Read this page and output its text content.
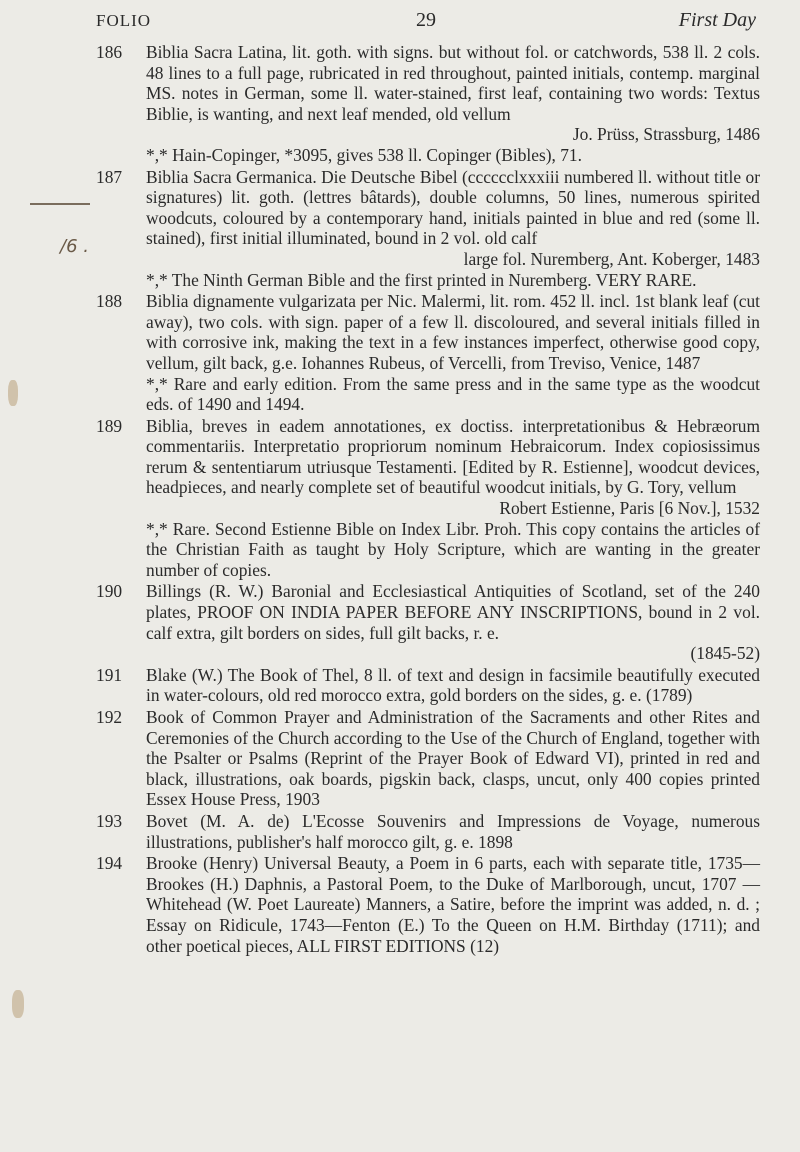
FOLIO	29	First Day
/6 .
186 Biblia Sacra Latina, lit. goth. with signs. but without fol. or catchwords, 538 ll. 2 cols. 48 lines to a full page, rubricated in red throughout, painted initials, contemp. marginal MS. notes in German, some ll. water-stained, first leaf, containing two words: Textus Biblie, is wanting, and next leaf mended, old vellum
Jo. Prüss, Strassburg, 1486
*,* Hain-Copinger, *3095, gives 538 ll. Copinger (Bibles), 71.

187 Biblia Sacra Germanica. Die Deutsche Bibel (cccccclxxxiii numbered ll. without title or signatures) lit. goth. (lettres bâtards), double columns, 50 lines, numerous spirited woodcuts, coloured by a contemporary hand, initials painted in blue and red (some ll. stained), first initial illuminated, bound in 2 vol. old calf
large fol. Nuremberg, Ant. Koberger, 1483
*,* The Ninth German Bible and the first printed in Nuremberg. VERY RARE.

188 Biblia dignamente vulgarizata per Nic. Malermi, lit. rom. 452 ll. incl. 1st blank leaf (cut away), two cols. with sign. paper of a few ll. discoloured, and several initials filled in with corrosive ink, making the text in a few instances imperfect, otherwise good copy, vellum, gilt back, g.e. Iohannes Rubeus, of Vercelli, from Treviso, Venice, 1487
*,* Rare and early edition. From the same press and in the same type as the woodcut eds. of 1490 and 1494.

189 Biblia, breves in eadem annotationes, ex doctiss. interpretationibus & Hebræorum commentariis. Interpretatio propriorum nominum Hebraicorum. Index copiosissimus rerum & sententiarum utriusque Testamenti. [Edited by R. Estienne], woodcut devices, headpieces, and nearly complete set of beautiful woodcut initials, by G. Tory, vellum
Robert Estienne, Paris [6 Nov.], 1532
*,* Rare. Second Estienne Bible on Index Libr. Proh. This copy contains the articles of the Christian Faith as taught by Holy Scripture, which are wanting in the greater number of copies.

190 Billings (R. W.) Baronial and Ecclesiastical Antiquities of Scotland, set of the 240 plates, PROOF ON INDIA PAPER BEFORE ANY INSCRIPTIONS, bound in 2 vol. calf extra, gilt borders on sides, full gilt backs, r. e.
(1845-52)

191 Blake (W.) The Book of Thel, 8 ll. of text and design in facsimile beautifully executed in water-colours, old red morocco extra, gold borders on the sides, g. e. (1789)

192 Book of Common Prayer and Administration of the Sacraments and other Rites and Ceremonies of the Church according to the Use of the Church of England, together with the Psalter or Psalms (Reprint of the Prayer Book of Edward VI), printed in red and black, illustrations, oak boards, pigskin back, clasps, uncut, only 400 copies printed Essex House Press, 1903

193 Bovet (M. A. de) L'Ecosse Souvenirs and Impressions de Voyage, numerous illustrations, publisher's half morocco gilt, g. e. 1898

194 Brooke (Henry) Universal Beauty, a Poem in 6 parts, each with separate title, 1735—Brookes (H.) Daphnis, a Pastoral Poem, to the Duke of Marlborough, uncut, 1707 — Whitehead (W. Poet Laureate) Manners, a Satire, before the imprint was added, n. d. ; Essay on Ridicule, 1743—Fenton (E.) To the Queen on H.M. Birthday (1711); and other poetical pieces, ALL FIRST EDITIONS (12)
